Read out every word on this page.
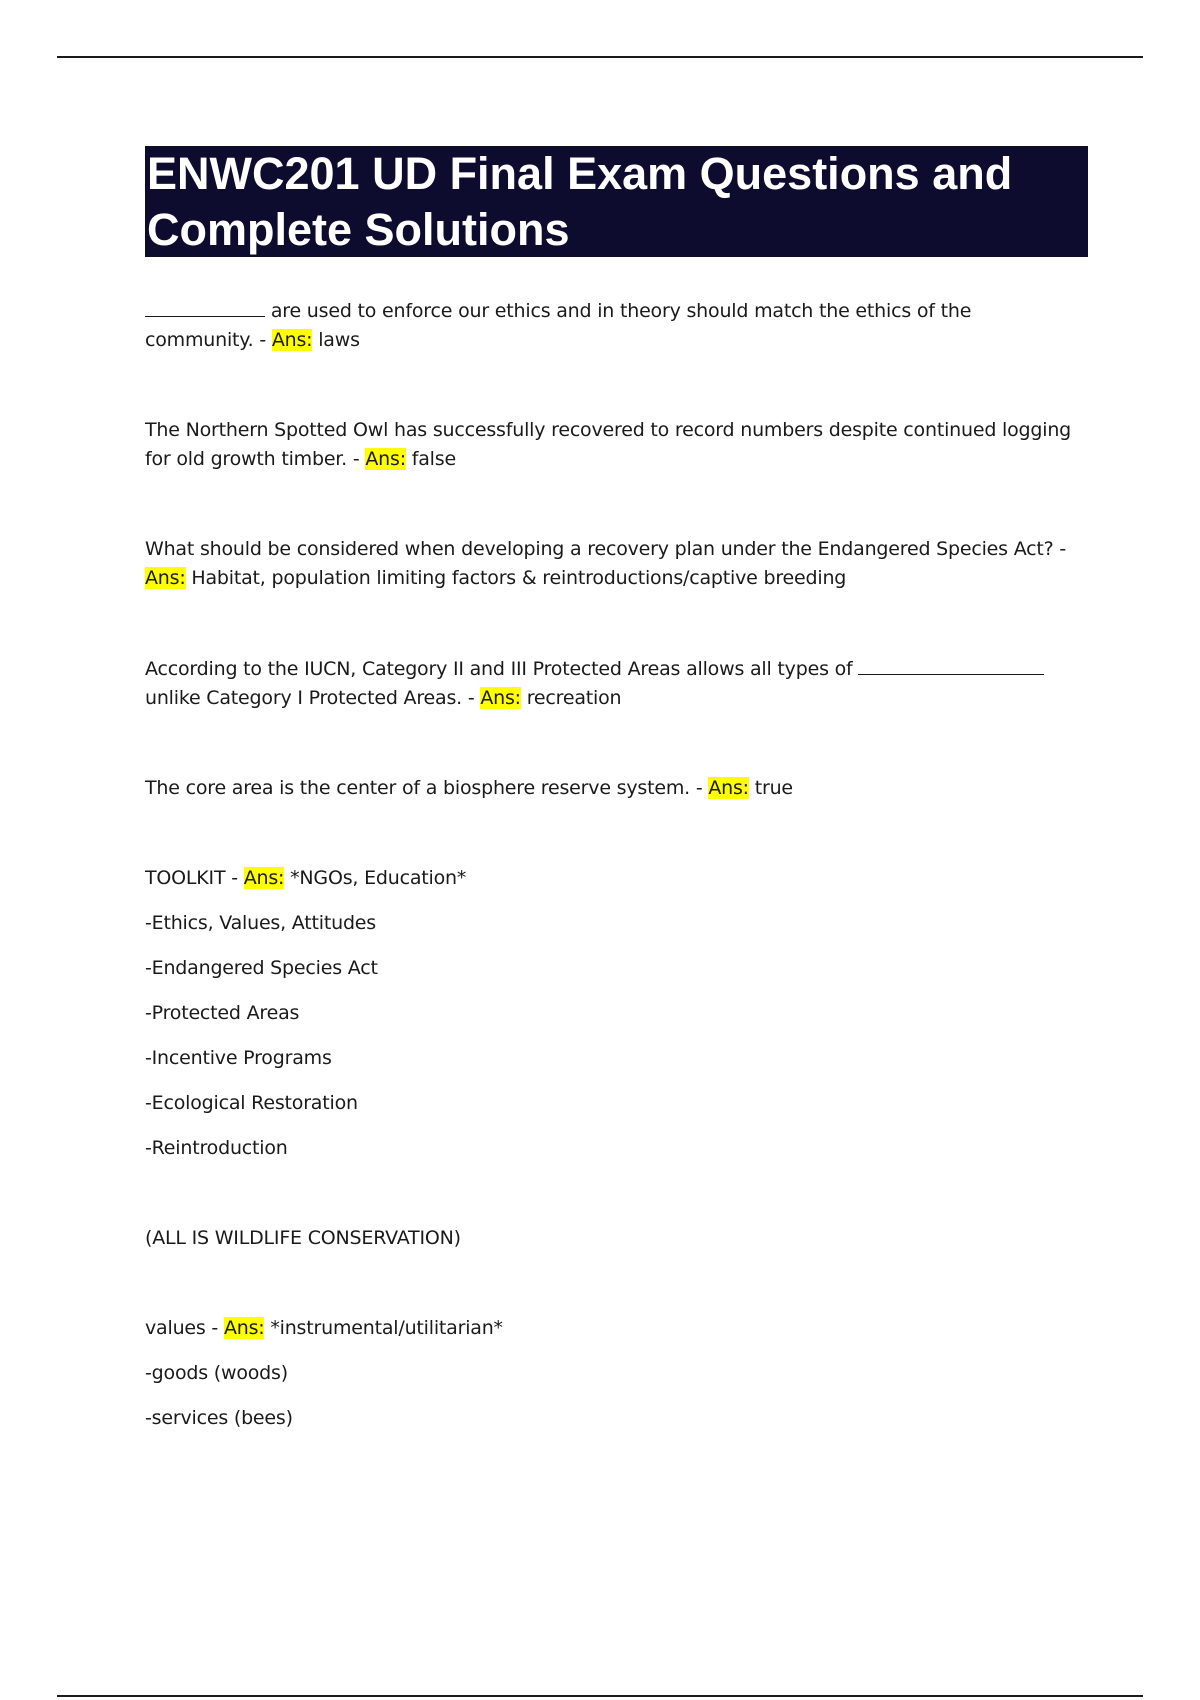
ENWC201 UD Final Exam Questions and Complete Solutions

are used to enforce our ethics and in theory should match the ethics of the community. - Ans: laws

The Northern Spotted Owl has successfully recovered to record numbers despite continued logging for old growth timber. - Ans: false

What should be considered when developing a recovery plan under the Endangered Species Act? - Ans: Habitat, population limiting factors & reintroductions/captive breeding

According to the IUCN, Category II and III Protected Areas allows all types of  unlike Category I Protected Areas. - Ans: recreation

The core area is the center of a biosphere reserve system. - Ans: true

TOOLKIT - Ans: *NGOs, Education*
-Ethics, Values, Attitudes
-Endangered Species Act
-Protected Areas
-Incentive Programs
-Ecological Restoration
-Reintroduction
(ALL IS WILDLIFE CONSERVATION)
values - Ans: *instrumental/utilitarian*
-goods (woods)
-services (bees)
